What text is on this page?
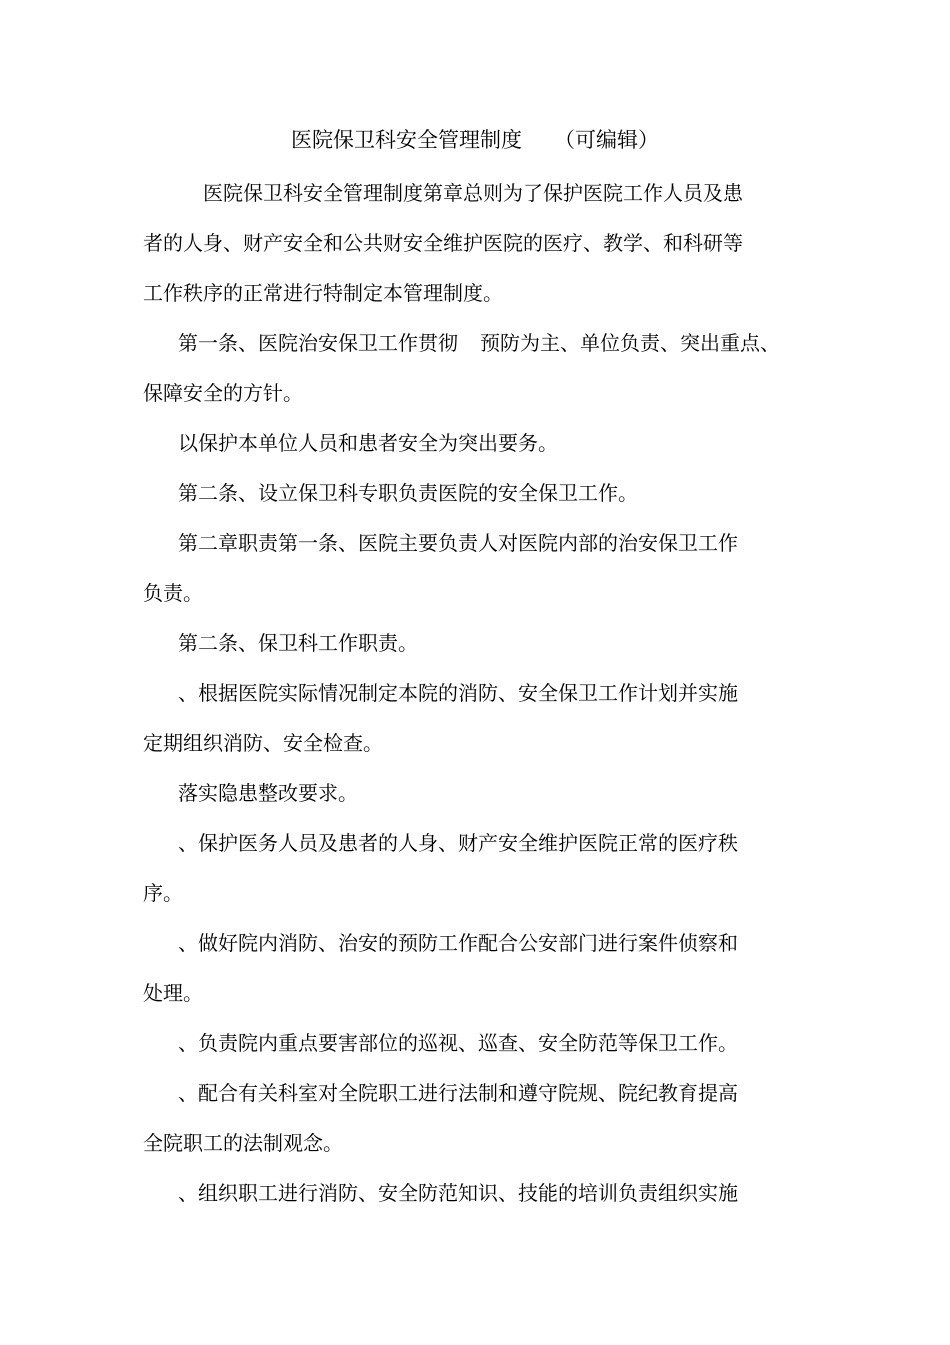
医院保卫科安全管理制度 （可编辑）
医院保卫科安全管理制度第章总则为了保护医院工作人员及患
者的人身、财产安全和公共财安全维护医院的医疗、教学、和科研等
工作秩序的正常进行特制定本管理制度。
第一条、医院治安保卫工作贯彻 预防为主、单位负责、突出重点、
保障安全的方针。
以保护本单位人员和患者安全为突出要务。
第二条、设立保卫科专职负责医院的安全保卫工作。
第二章职责第一条、医院主要负责人对医院内部的治安保卫工作
负责。
第二条、保卫科工作职责。
、根据医院实际情况制定本院的消防、安全保卫工作计划并实施
定期组织消防、安全检查。
落实隐患整改要求。
、保护医务人员及患者的人身、财产安全维护医院正常的医疗秩
序。
、做好院内消防、治安的预防工作配合公安部门进行案件侦察和
处理。
、负责院内重点要害部位的巡视、巡查、安全防范等保卫工作。
、配合有关科室对全院职工进行法制和遵守院规、院纪教育提高
全院职工的法制观念。
、组织职工进行消防、安全防范知识、技能的培训负责组织实施
